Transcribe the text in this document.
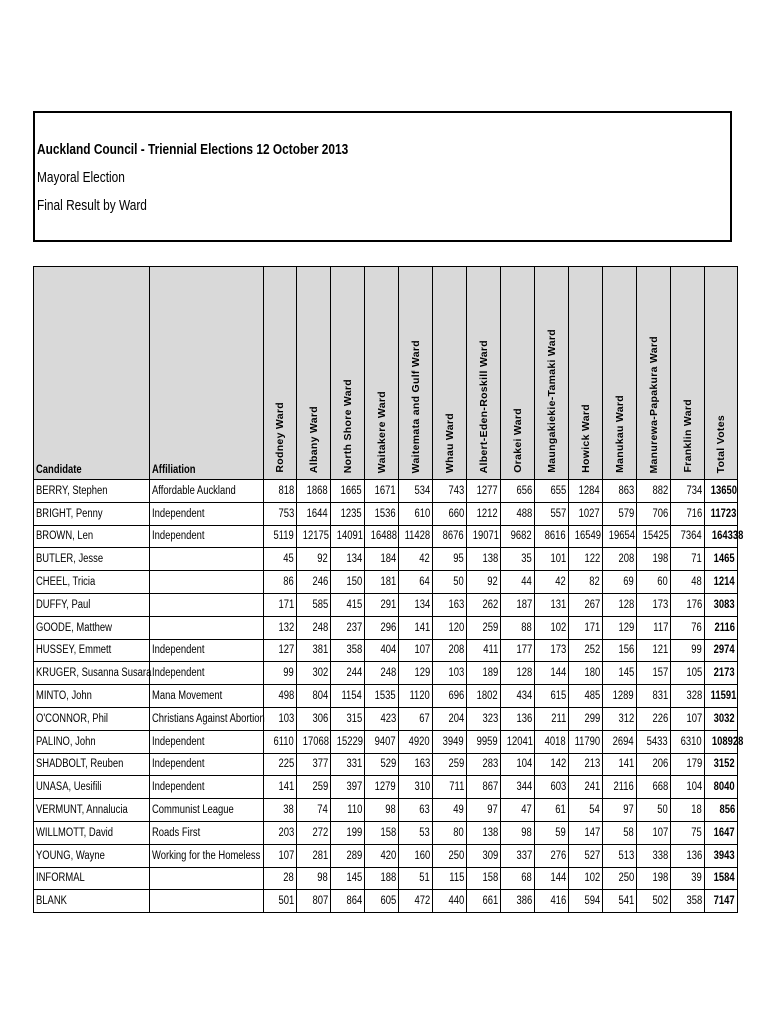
Auckland Council - Triennial Elections 12 October 2013
Mayoral Election
Final Result by Ward
Candidate	Affiliation	Rodney Ward	Albany Ward	North Shore Ward	Waitakere Ward	Waitemata and Gulf Ward	Whau Ward	Albert-Eden-Roskill Ward	Orakei Ward	Maungakiekie-Tamaki Ward	Howick Ward	Manukau Ward	Manurewa-Papakura Ward	Franklin Ward	Total Votes

BERRY, Stephen	Affordable Auckland	818	1868	1665	1671	534	743	1277	656	655	1284	863	882	734	13650
BRIGHT, Penny	Independent	753	1644	1235	1536	610	660	1212	488	557	1027	579	706	716	11723
BROWN, Len	Independent	5119	12175	14091	16488	11428	8676	19071	9682	8616	16549	19654	15425	7364	164338
BUTLER, Jesse		45	92	134	184	42	95	138	35	101	122	208	198	71	1465
CHEEL, Tricia		86	246	150	181	64	50	92	44	42	82	69	60	48	1214
DUFFY, Paul		171	585	415	291	134	163	262	187	131	267	128	173	176	3083
GOODE, Matthew		132	248	237	296	141	120	259	88	102	171	129	117	76	2116
HUSSEY, Emmett	Independent	127	381	358	404	107	208	411	177	173	252	156	121	99	2974
KRUGER, Susanna Susara	Independent	99	302	244	248	129	103	189	128	144	180	145	157	105	2173
MINTO, John	Mana Movement	498	804	1154	1535	1120	696	1802	434	615	485	1289	831	328	11591
O'CONNOR, Phil	Christians Against Abortion	103	306	315	423	67	204	323	136	211	299	312	226	107	3032
PALINO, John	Independent	6110	17068	15229	9407	4920	3949	9959	12041	4018	11790	2694	5433	6310	108928
SHADBOLT, Reuben	Independent	225	377	331	529	163	259	283	104	142	213	141	206	179	3152
UNASA, Uesifili	Independent	141	259	397	1279	310	711	867	344	603	241	2116	668	104	8040
VERMUNT, Annalucia	Communist League	38	74	110	98	63	49	97	47	61	54	97	50	18	856
WILLMOTT, David	Roads First	203	272	199	158	53	80	138	98	59	147	58	107	75	1647
YOUNG, Wayne	Working for the Homeless	107	281	289	420	160	250	309	337	276	527	513	338	136	3943
INFORMAL		28	98	145	188	51	115	158	68	144	102	250	198	39	1584
BLANK		501	807	864	605	472	440	661	386	416	594	541	502	358	7147
